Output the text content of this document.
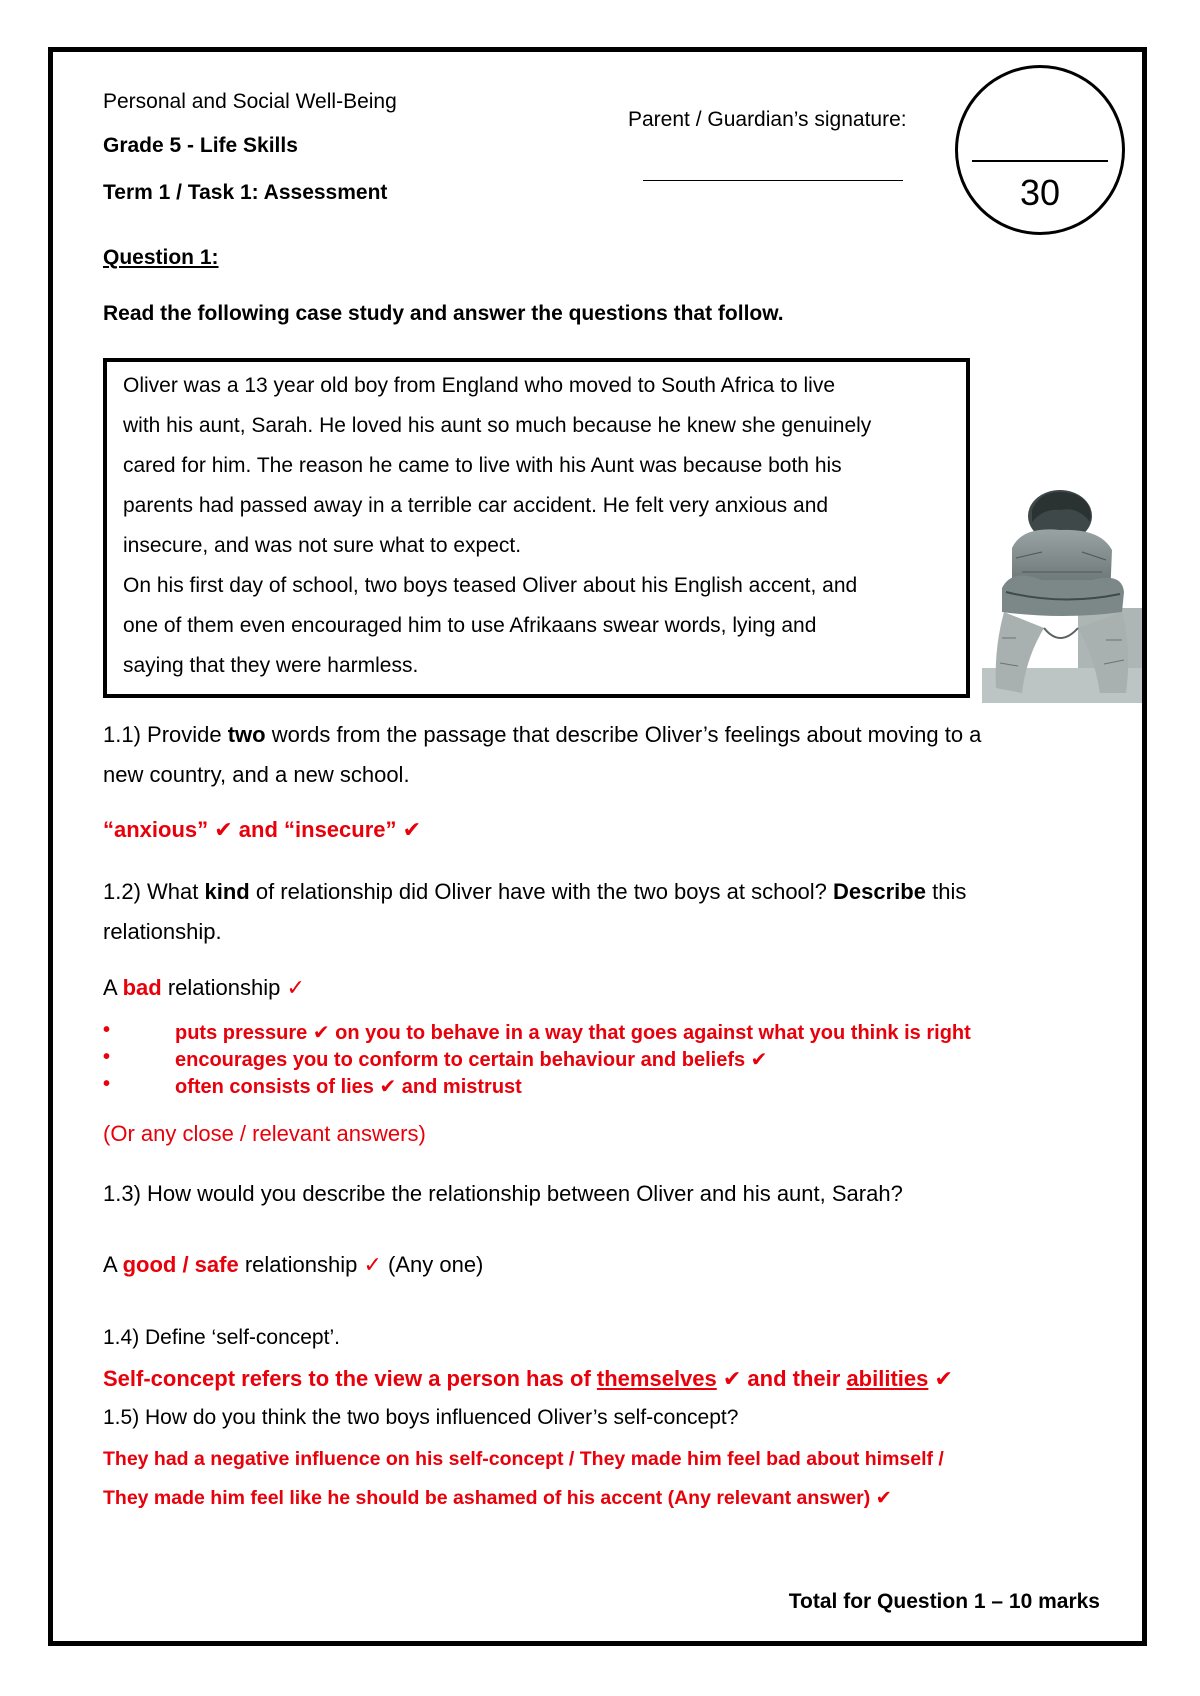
Personal and Social Well-Being
Grade 5 - Life Skills
Term 1 / Task 1: Assessment
Parent / Guardian’s signature:
30
Question 1:
Read the following case study and answer the questions that follow.

Oliver was a 13 year old boy from England who moved to South Africa to live

with his aunt, Sarah. He loved his aunt so much because he knew she genuinely

cared for him. The reason he came to live with his Aunt was because both his

parents had passed away in a terrible car accident. He felt very anxious and

insecure, and was not sure what to expect.

On his first day of school, two boys teased Oliver about his English accent, and

one of them even encouraged him to use Afrikaans swear words, lying and

saying that they were harmless.

1.1) Provide two words from the passage that describe Oliver’s feelings about moving to a
new country, and a new school.
“anxious” ✔ and “insecure” ✔
1.2) What kind of relationship did Oliver have with the two boys at school? Describe this
relationship.
A bad relationship ✓
•	puts pressure ✔ on you to behave in a way that goes against what you think is right
•	encourages you to conform to certain behaviour and beliefs ✔
•	often consists of lies ✔ and mistrust
(Or any close / relevant answers)
1.3) How would you describe the relationship between Oliver and his aunt, Sarah?
A good / safe relationship ✓ (Any one)
1.4) Define ‘self-concept’.
Self-concept refers to the view a person has of themselves ✔ and their abilities ✔
1.5) How do you think the two boys influenced Oliver’s self-concept?
They had a negative influence on his self-concept / They made him feel bad about himself /
They made him feel like he should be ashamed of his accent (Any relevant answer) ✔
Total for Question 1 – 10 marks
